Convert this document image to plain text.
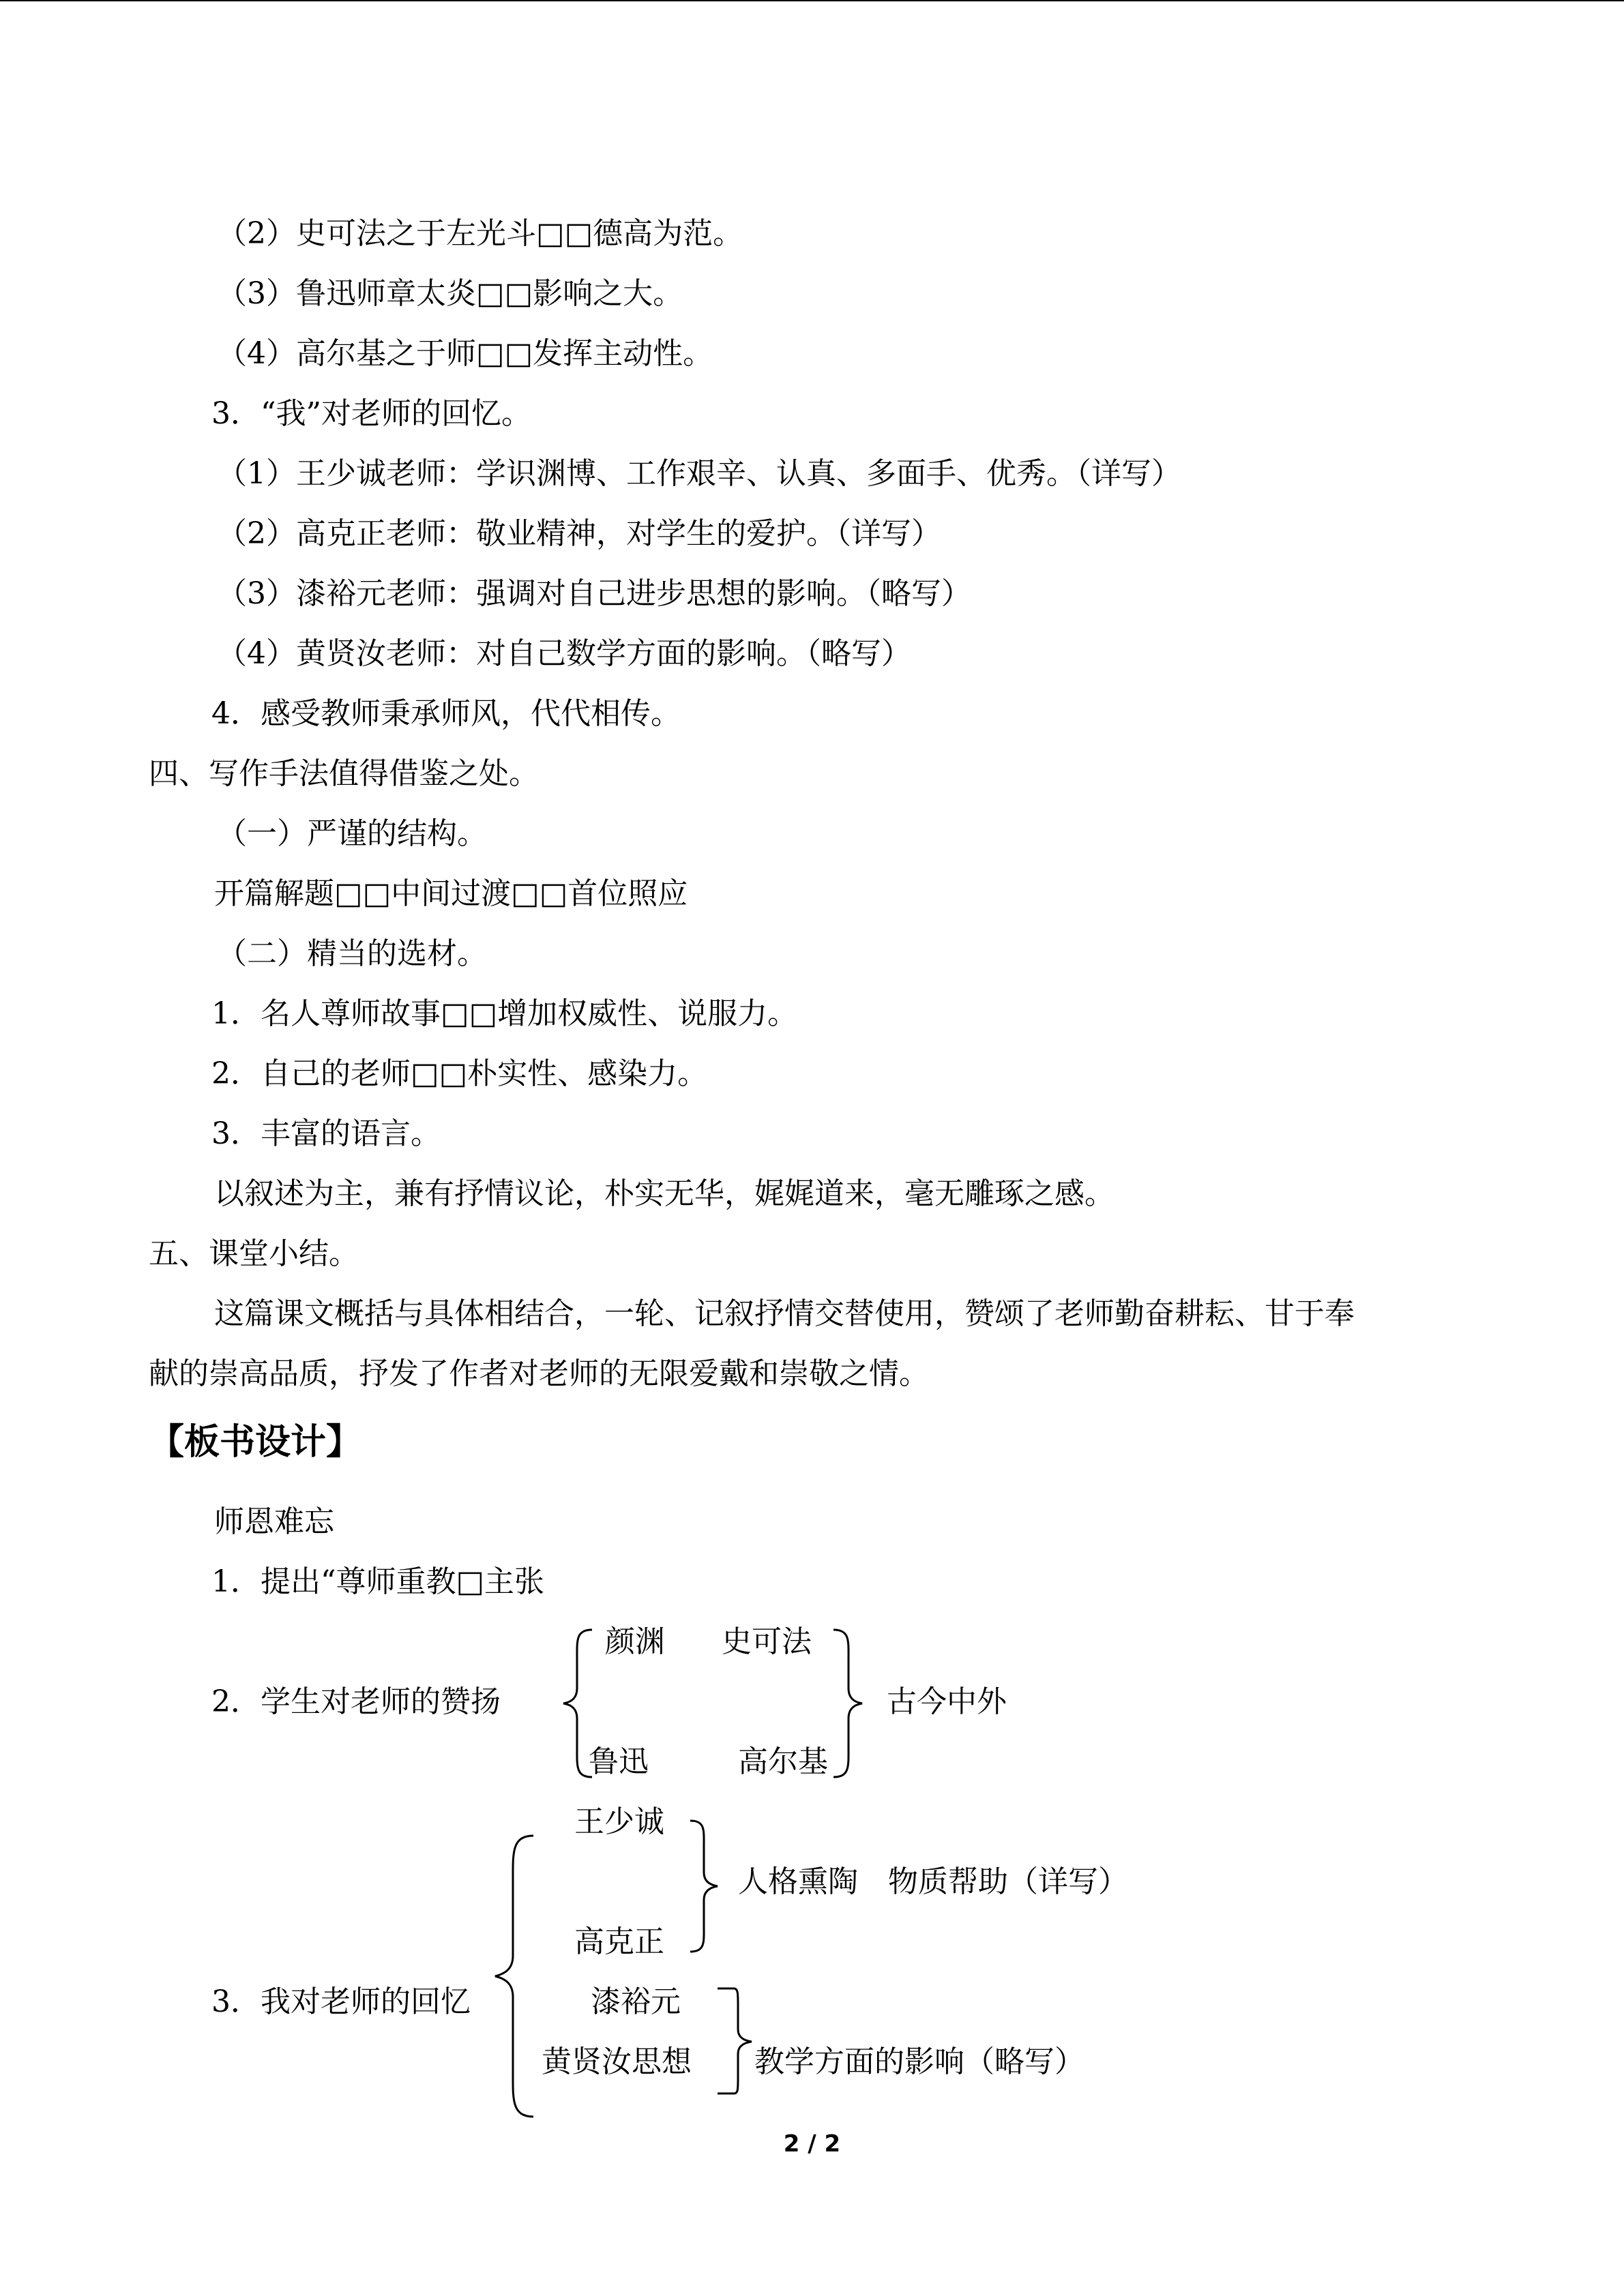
（2）史可法之于左光斗□□德高为范。
（3）鲁迅师章太炎□□影响之大。
（4）高尔基之于师□□发挥主动性。
3．“我”对老师的回忆。
（1）王少诚老师：学识渊博、工作艰辛、认真、多面手、优秀。（详写）
（2）高克正老师：敬业精神，对学生的爱护。（详写）
（3）漆裕元老师：强调对自己进步思想的影响。（略写）
（4）黄贤汝老师：对自己数学方面的影响。（略写）
4．感受教师秉承师风，代代相传。
四、写作手法值得借鉴之处。
（一）严谨的结构。
开篇解题□□中间过渡□□首位照应
（二）精当的选材。
1．名人尊师故事□□增加权威性、说服力。
2．自己的老师□□朴实性、感染力。
3．丰富的语言。
以叙述为主，兼有抒情议论，朴实无华，娓娓道来，毫无雕琢之感。
五、课堂小结。
这篇课文概括与具体相结合，一轮、记叙抒情交替使用，赞颂了老师勤奋耕耘、甘于奉
献的崇高品质，抒发了作者对老师的无限爱戴和崇敬之情。
【板书设计】
师恩难忘
1．提出“尊师重教□主张
颜渊 史可法
2．学生对老师的赞扬	古今中外
鲁迅	高尔基
王少诚
人格熏陶　物质帮助（详写）
高克正
漆裕元
3．我对老师的回忆
黄贤汝思想 教学方面的影响（略写）
2 / 2
